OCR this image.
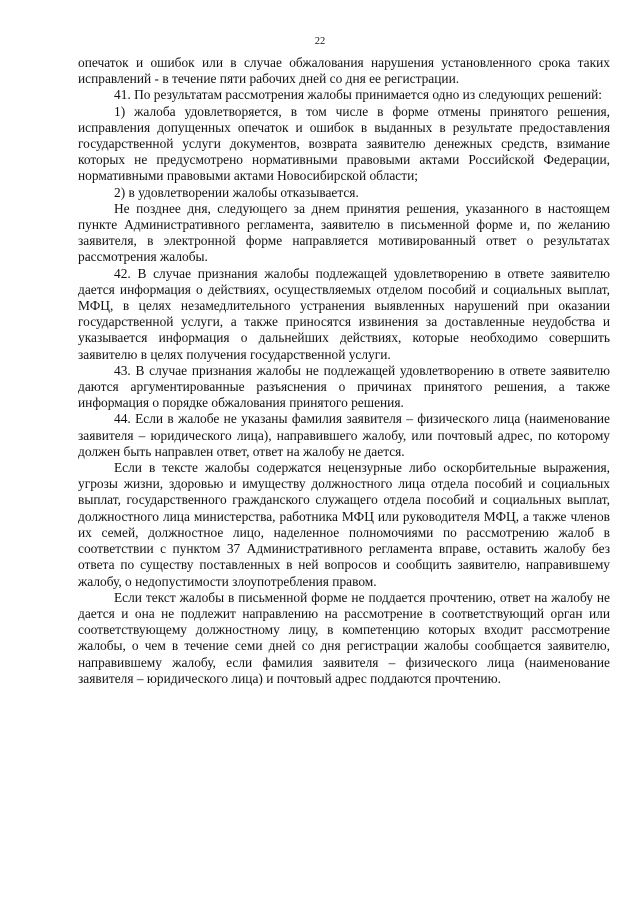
22

опечаток и ошибок или в случае обжалования нарушения установленного срока таких исправлений - в течение пяти рабочих дней со дня ее регистрации.

41. По результатам рассмотрения жалобы принимается одно из следующих решений:

1) жалоба удовлетворяется, в том числе в форме отмены принятого решения, исправления допущенных опечаток и ошибок в выданных в результате предоставления государственной услуги документов, возврата заявителю денежных средств, взимание которых не предусмотрено нормативными правовыми актами Российской Федерации, нормативными правовыми актами Новосибирской области;

2) в удовлетворении жалобы отказывается.

Не позднее дня, следующего за днем принятия решения, указанного в настоящем пункте Административного регламента, заявителю в письменной форме и, по желанию заявителя, в электронной форме направляется мотивированный ответ о результатах рассмотрения жалобы.

42. В случае признания жалобы подлежащей удовлетворению в ответе заявителю дается информация о действиях, осуществляемых отделом пособий и социальных выплат, МФЦ, в целях незамедлительного устранения выявленных нарушений при оказании государственной услуги, а также приносятся извинения за доставленные неудобства и указывается информация о дальнейших действиях, которые необходимо совершить заявителю в целях получения государственной услуги.

43. В случае признания жалобы не подлежащей удовлетворению в ответе заявителю даются аргументированные разъяснения о причинах принятого решения, а также информация о порядке обжалования принятого решения.

44. Если в жалобе не указаны фамилия заявителя – физического лица (наименование заявителя – юридического лица), направившего жалобу, или почтовый адрес, по которому должен быть направлен ответ, ответ на жалобу не дается.

Если в тексте жалобы содержатся нецензурные либо оскорбительные выражения, угрозы жизни, здоровью и имуществу должностного лица отдела пособий и социальных выплат, государственного гражданского служащего отдела пособий и социальных выплат, должностного лица министерства, работника МФЦ или руководителя МФЦ, а также членов их семей, должностное лицо, наделенное полномочиями по рассмотрению жалоб в соответствии с пунктом 37 Административного регламента вправе, оставить жалобу без ответа по существу поставленных в ней вопросов и сообщить заявителю, направившему жалобу, о недопустимости злоупотребления правом.

Если текст жалобы в письменной форме не поддается прочтению, ответ на жалобу не дается и она не подлежит направлению на рассмотрение в соответствующий орган или соответствующему должностному лицу, в компетенцию которых входит рассмотрение жалобы, о чем в течение семи дней со дня регистрации жалобы сообщается заявителю, направившему жалобу, если фамилия заявителя – физического лица (наименование заявителя – юридического лица) и почтовый адрес поддаются прочтению.
